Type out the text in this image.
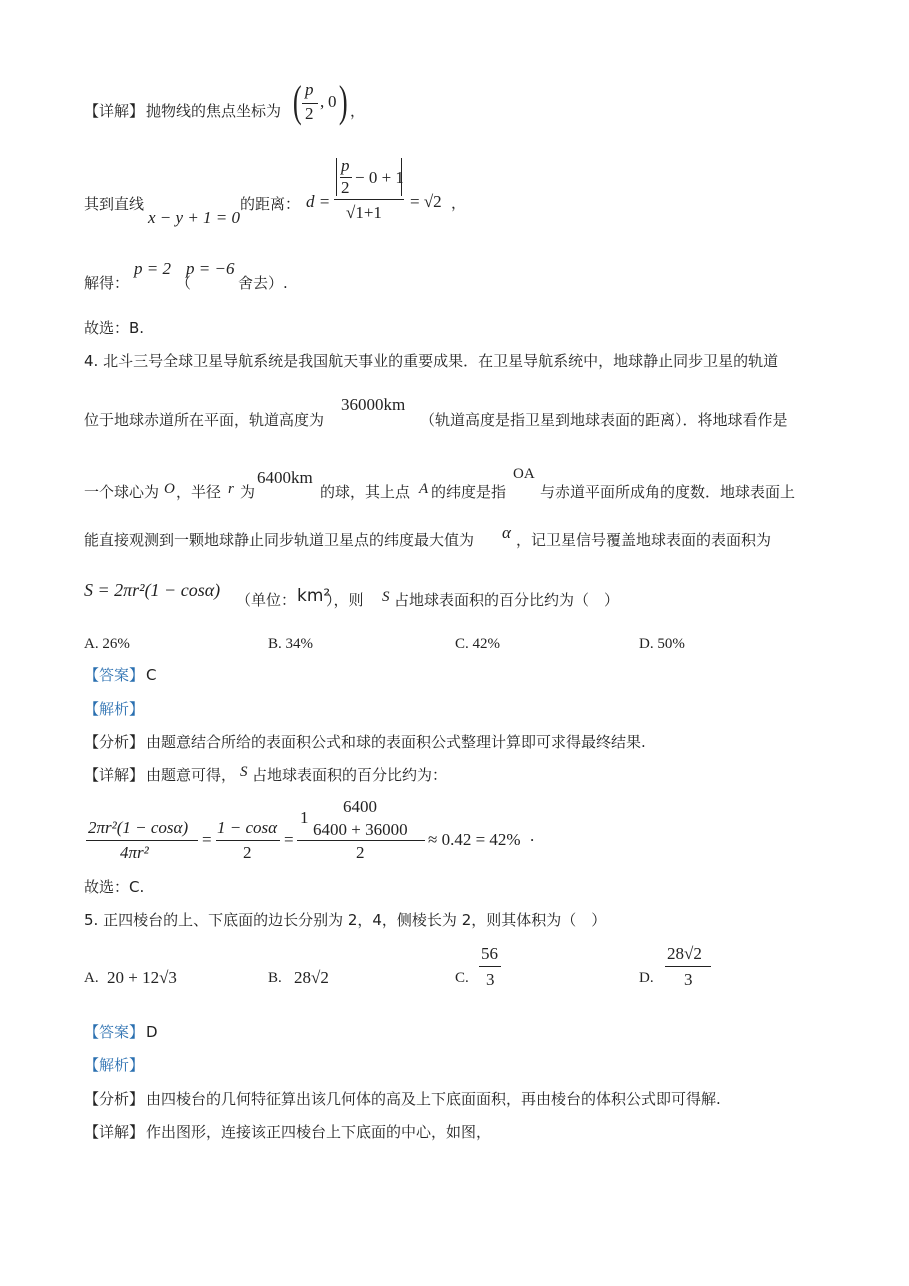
【详解】 抛物线的焦点坐标为 ( p
2
, 0 ) ，
其到直线
x − y + 1 = 0
的距离： d =
p
2
− 0 + 1
√1+1
= √2 ，
解得：
p = 2
（
p = −6
舍去）.
故选：B.
4. 北斗三号全球卫星导航系统是我国航天事业的重要成果．在卫星导航系统中，地球静止同步卫星的轨道
位于地球赤道所在平面，轨道高度为
36000km
（轨道高度是指卫星到地球表面的距离）．将地球看作是
一个球心为 O ，半径 r 为
6400km
的球，其上点 A 的纬度是指
OA
与赤道平面所成角的度数．地球表面上
能直接观测到一颗地球静止同步轨道卫星点的纬度最大值为 α ，记卫星信号覆盖地球表面的表面积为
S = 2πr²(1 − cosα) （单位： km²
），则 S 占地球表面积的百分比约为（　）
A. 26%	B. 34%	C. 42%	D. 50%
【答案】 C
【解析】
【分析】 由题意结合所给的表面积公式和球的表面积公式整理计算即可求得最终结果.
【详解】 由题意可得， S 占地球表面积的百分比约为：
2πr²(1 − cosα)
4πr²
=
1 − cosα
2
=
6400
1
6400 + 36000
2
≈ 0.42 = 42% .
故选：C.
5. 正四棱台的上、下底面的边长分别为 2，4，侧棱长为 2，则其体积为（　）
A. 20 + 12√3	B. 28√2	C.
56
3	D.
28√2
3
【答案】 D
【解析】
【分析】 由四棱台的几何特征算出该几何体的高及上下底面面积，再由棱台的体积公式即可得解.
【详解】 作出图形，连接该正四棱台上下底面的中心，如图，
